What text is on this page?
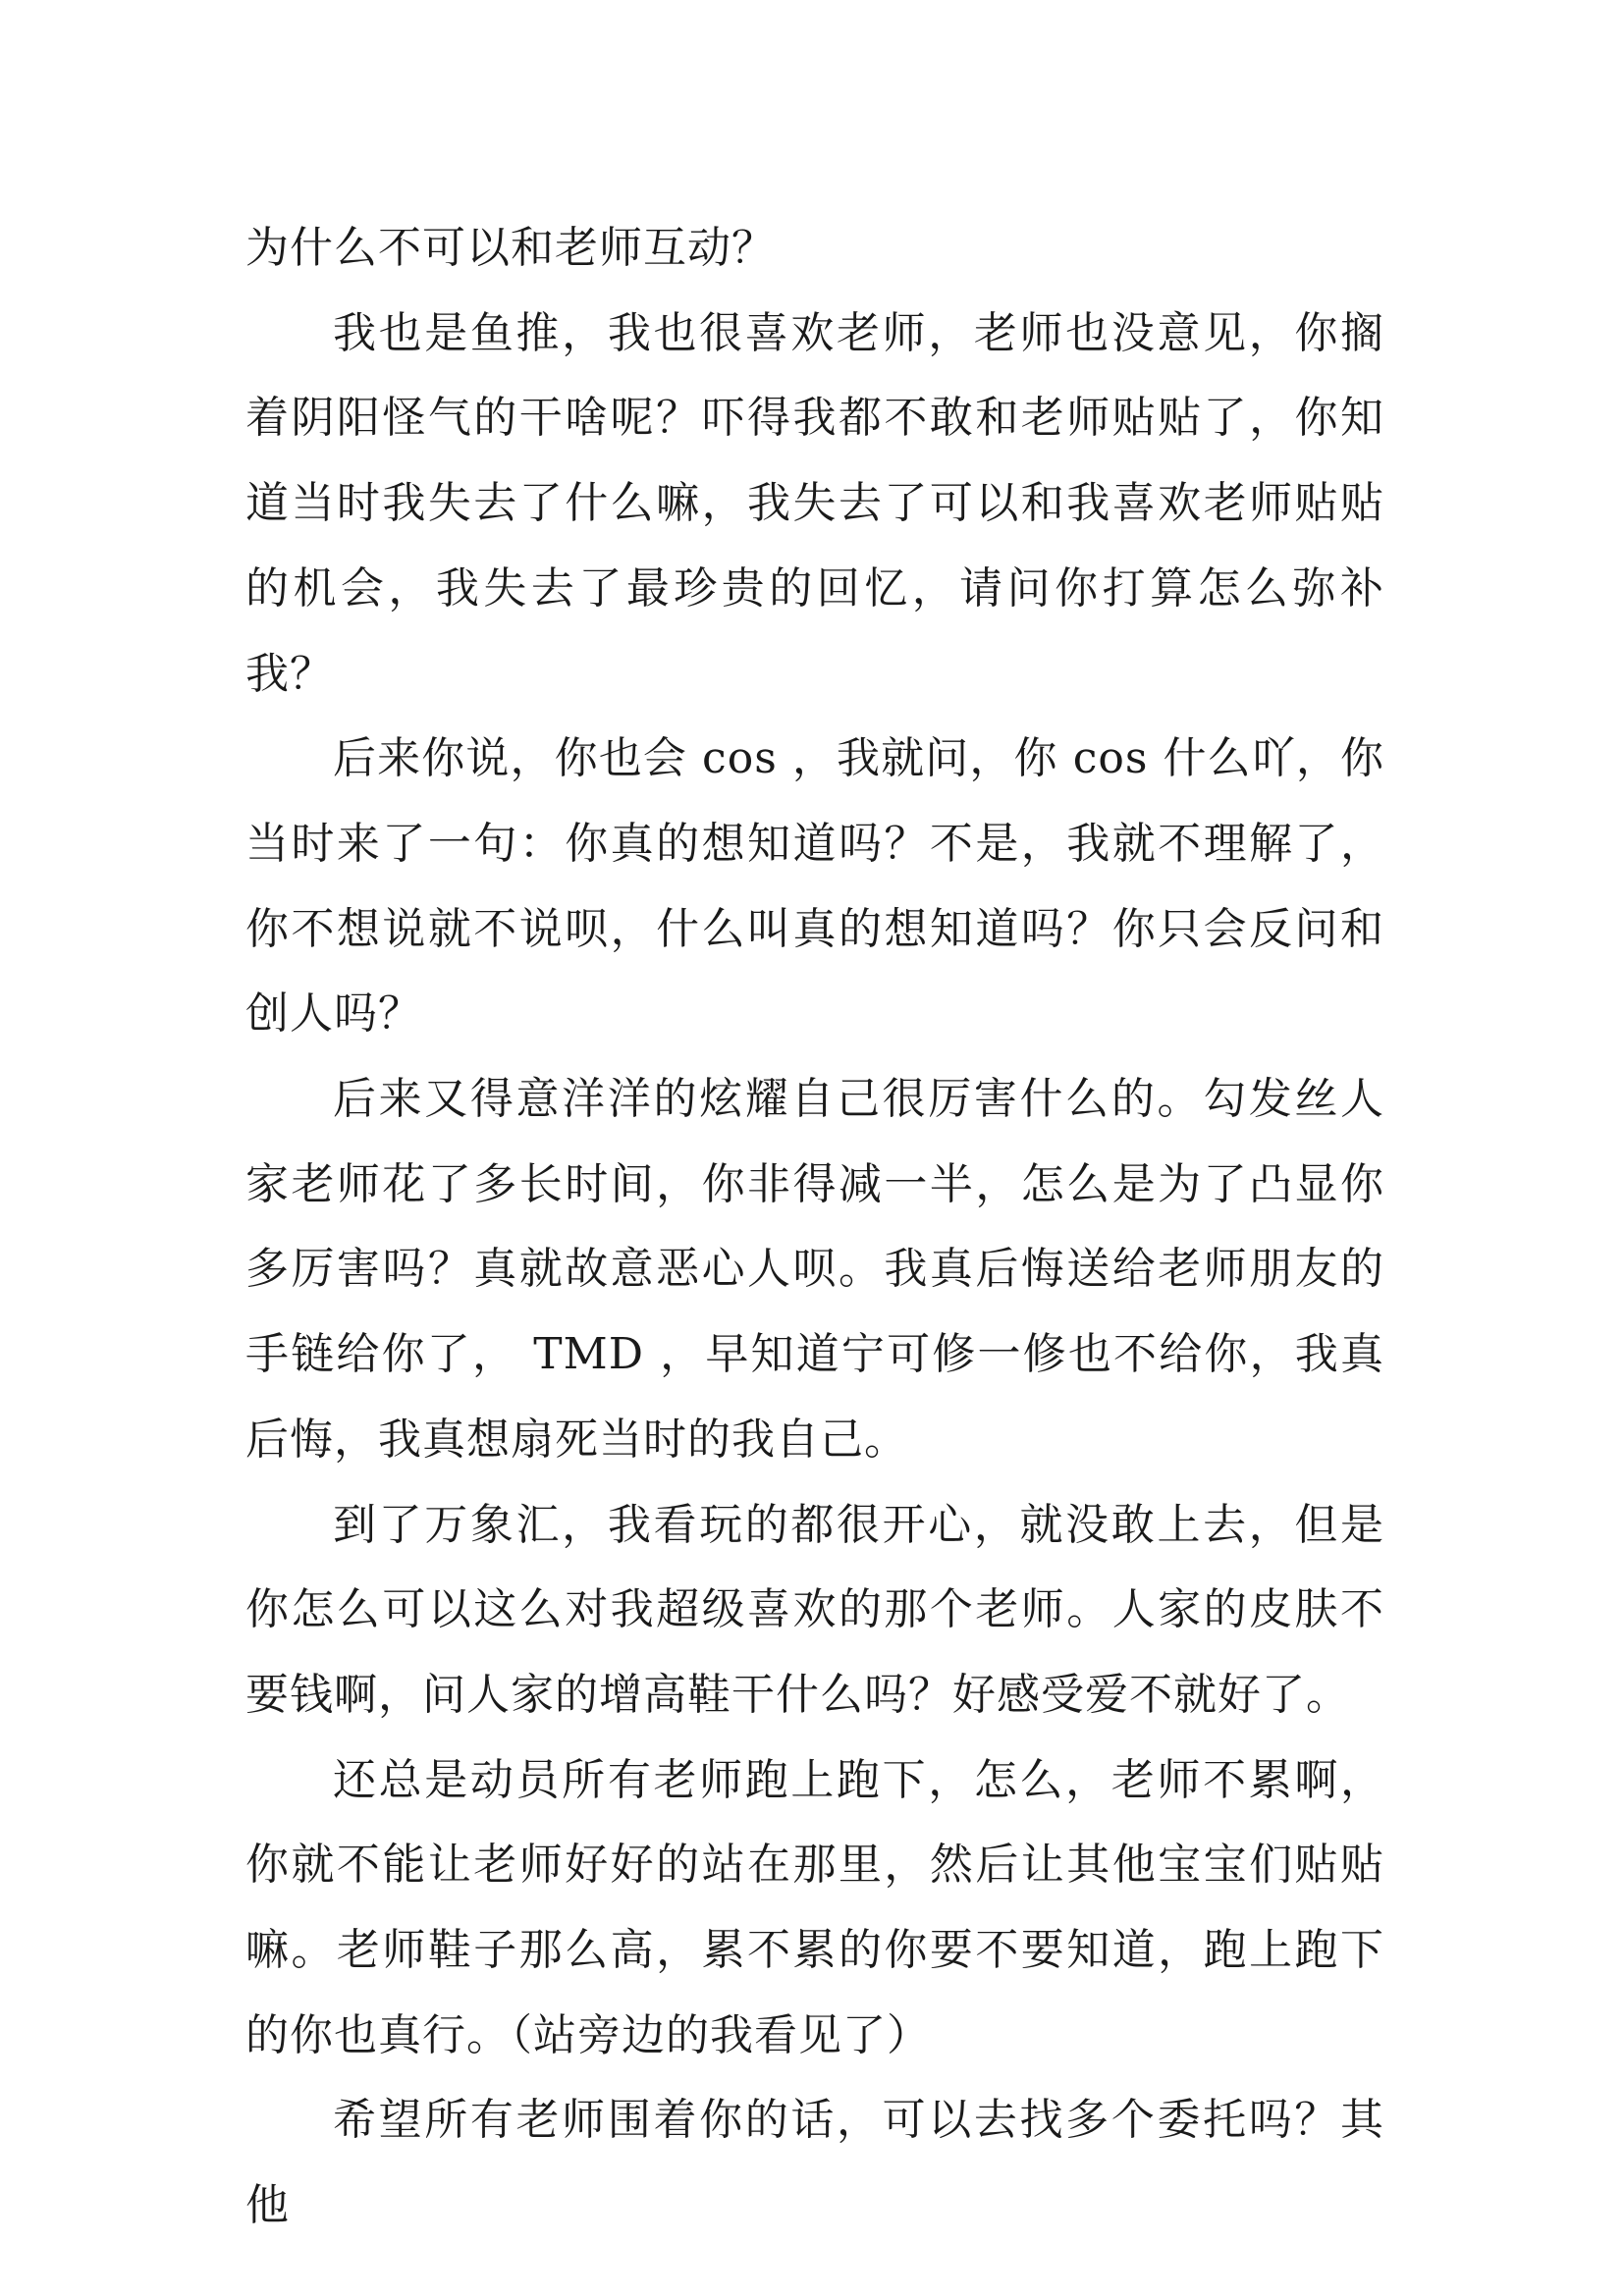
为什么不可以和老师互动？

我也是鱼推，我也很喜欢老师，老师也没意见，你搁着阴阳怪气的干啥呢？吓得我都不敢和老师贴贴了，你知道当时我失去了什么嘛，我失去了可以和我喜欢老师贴贴的机会，我失去了最珍贵的回忆，请问你打算怎么弥补我？

后来你说，你也会 cos ，我就问，你 cos 什么吖，你当时来了一句：你真的想知道吗？不是，我就不理解了，你不想说就不说呗，什么叫真的想知道吗？你只会反问和创人吗？

后来又得意洋洋的炫耀自己很厉害什么的。勾发丝人家老师花了多长时间，你非得减一半，怎么是为了凸显你多厉害吗？真就故意恶心人呗。我真后悔送给老师朋友的手链给你了， TMD ，早知道宁可修一修也不给你，我真后悔，我真想扇死当时的我自己。

到了万象汇，我看玩的都很开心，就没敢上去，但是你怎么可以这么对我超级喜欢的那个老师。人家的皮肤不要钱啊，问人家的增高鞋干什么吗？好感受爱不就好了。

还总是动员所有老师跑上跑下，怎么，老师不累啊，你就不能让老师好好的站在那里，然后让其他宝宝们贴贴嘛。老师鞋子那么高，累不累的你要不要知道，跑上跑下的你也真行。（站旁边的我看见了）

希望所有老师围着你的话，可以去找多个委托吗？其他
